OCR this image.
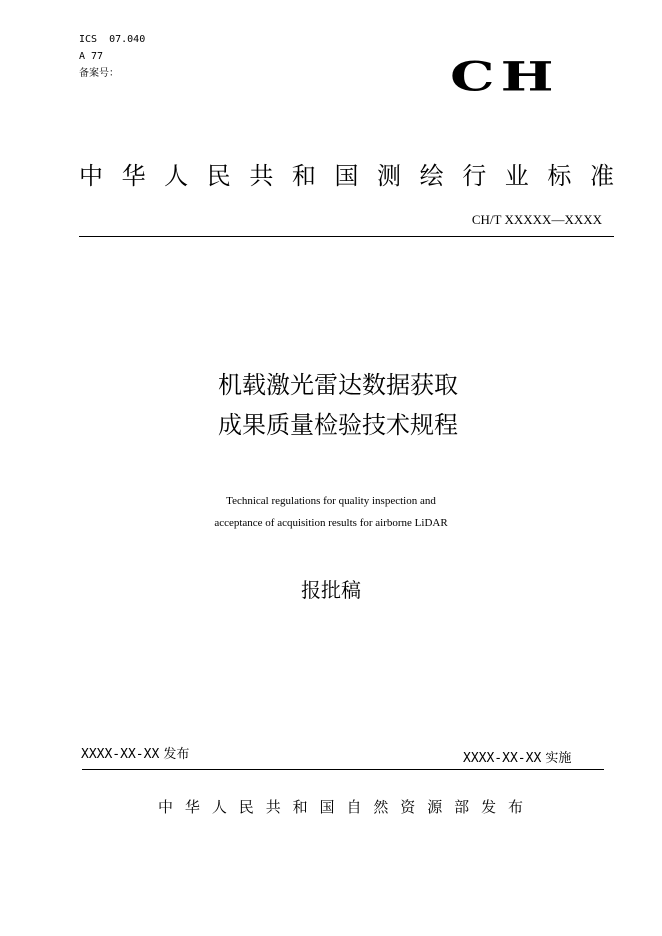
ICS  07.040
A 77
备案号：	CH
中 华 人 民 共 和 国 测 绘 行 业 标 准
CH/T XXXXX—XXXX
机载激光雷达数据获取
成果质量检验技术规程
Technical regulations for quality inspection and
acceptance of acquisition results for airborne LiDAR
报批稿
XXXX-XX-XX 发布	XXXX-XX-XX 实施
中 华 人 民 共 和 国 自 然 资 源 部 发 布
